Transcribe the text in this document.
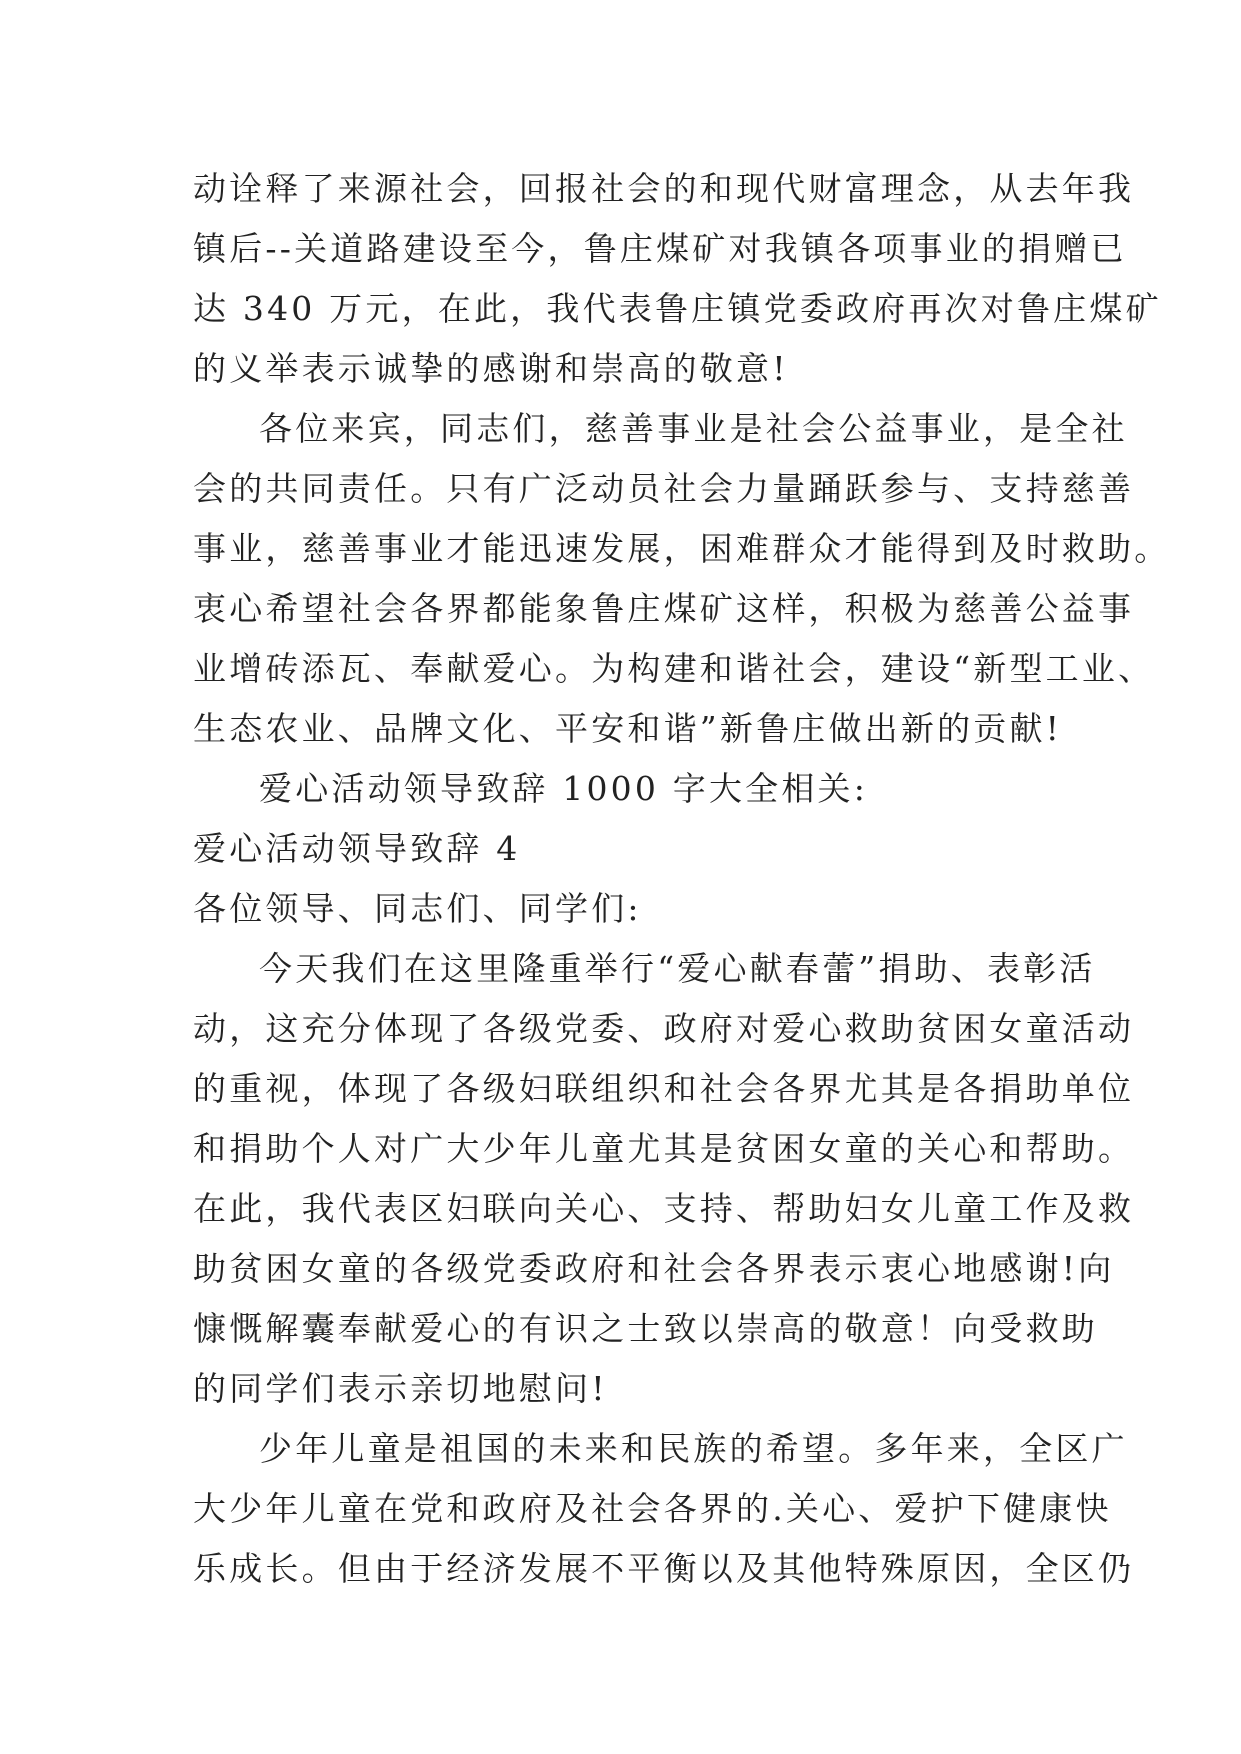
动诠释了来源社会，回报社会的和现代财富理念，从去年我
镇后--关道路建设至今，鲁庄煤矿对我镇各项事业的捐赠已
达 340 万元，在此，我代表鲁庄镇党委政府再次对鲁庄煤矿
的义举表示诚挚的感谢和崇高的敬意!
各位来宾，同志们，慈善事业是社会公益事业，是全社
会的共同责任。只有广泛动员社会力量踊跃参与、支持慈善
事业，慈善事业才能迅速发展，困难群众才能得到及时救助。
衷心希望社会各界都能象鲁庄煤矿这样，积极为慈善公益事
业增砖添瓦、奉献爱心。为构建和谐社会，建设“新型工业、
生态农业、品牌文化、平安和谐”新鲁庄做出新的贡献!
爱心活动领导致辞 1000 字大全相关:
爱心活动领导致辞 4
各位领导、同志们、同学们:
今天我们在这里隆重举行“爱心献春蕾”捐助、表彰活
动，这充分体现了各级党委、政府对爱心救助贫困女童活动
的重视，体现了各级妇联组织和社会各界尤其是各捐助单位
和捐助个人对广大少年儿童尤其是贫困女童的关心和帮助。
在此，我代表区妇联向关心、支持、帮助妇女儿童工作及救
助贫困女童的各级党委政府和社会各界表示衷心地感谢!向
慷慨解囊奉献爱心的有识之士致以崇高的敬意！向受救助
的同学们表示亲切地慰问!
少年儿童是祖国的未来和民族的希望。多年来，全区广
大少年儿童在党和政府及社会各界的.关心、爱护下健康快
乐成长。但由于经济发展不平衡以及其他特殊原因，全区仍
